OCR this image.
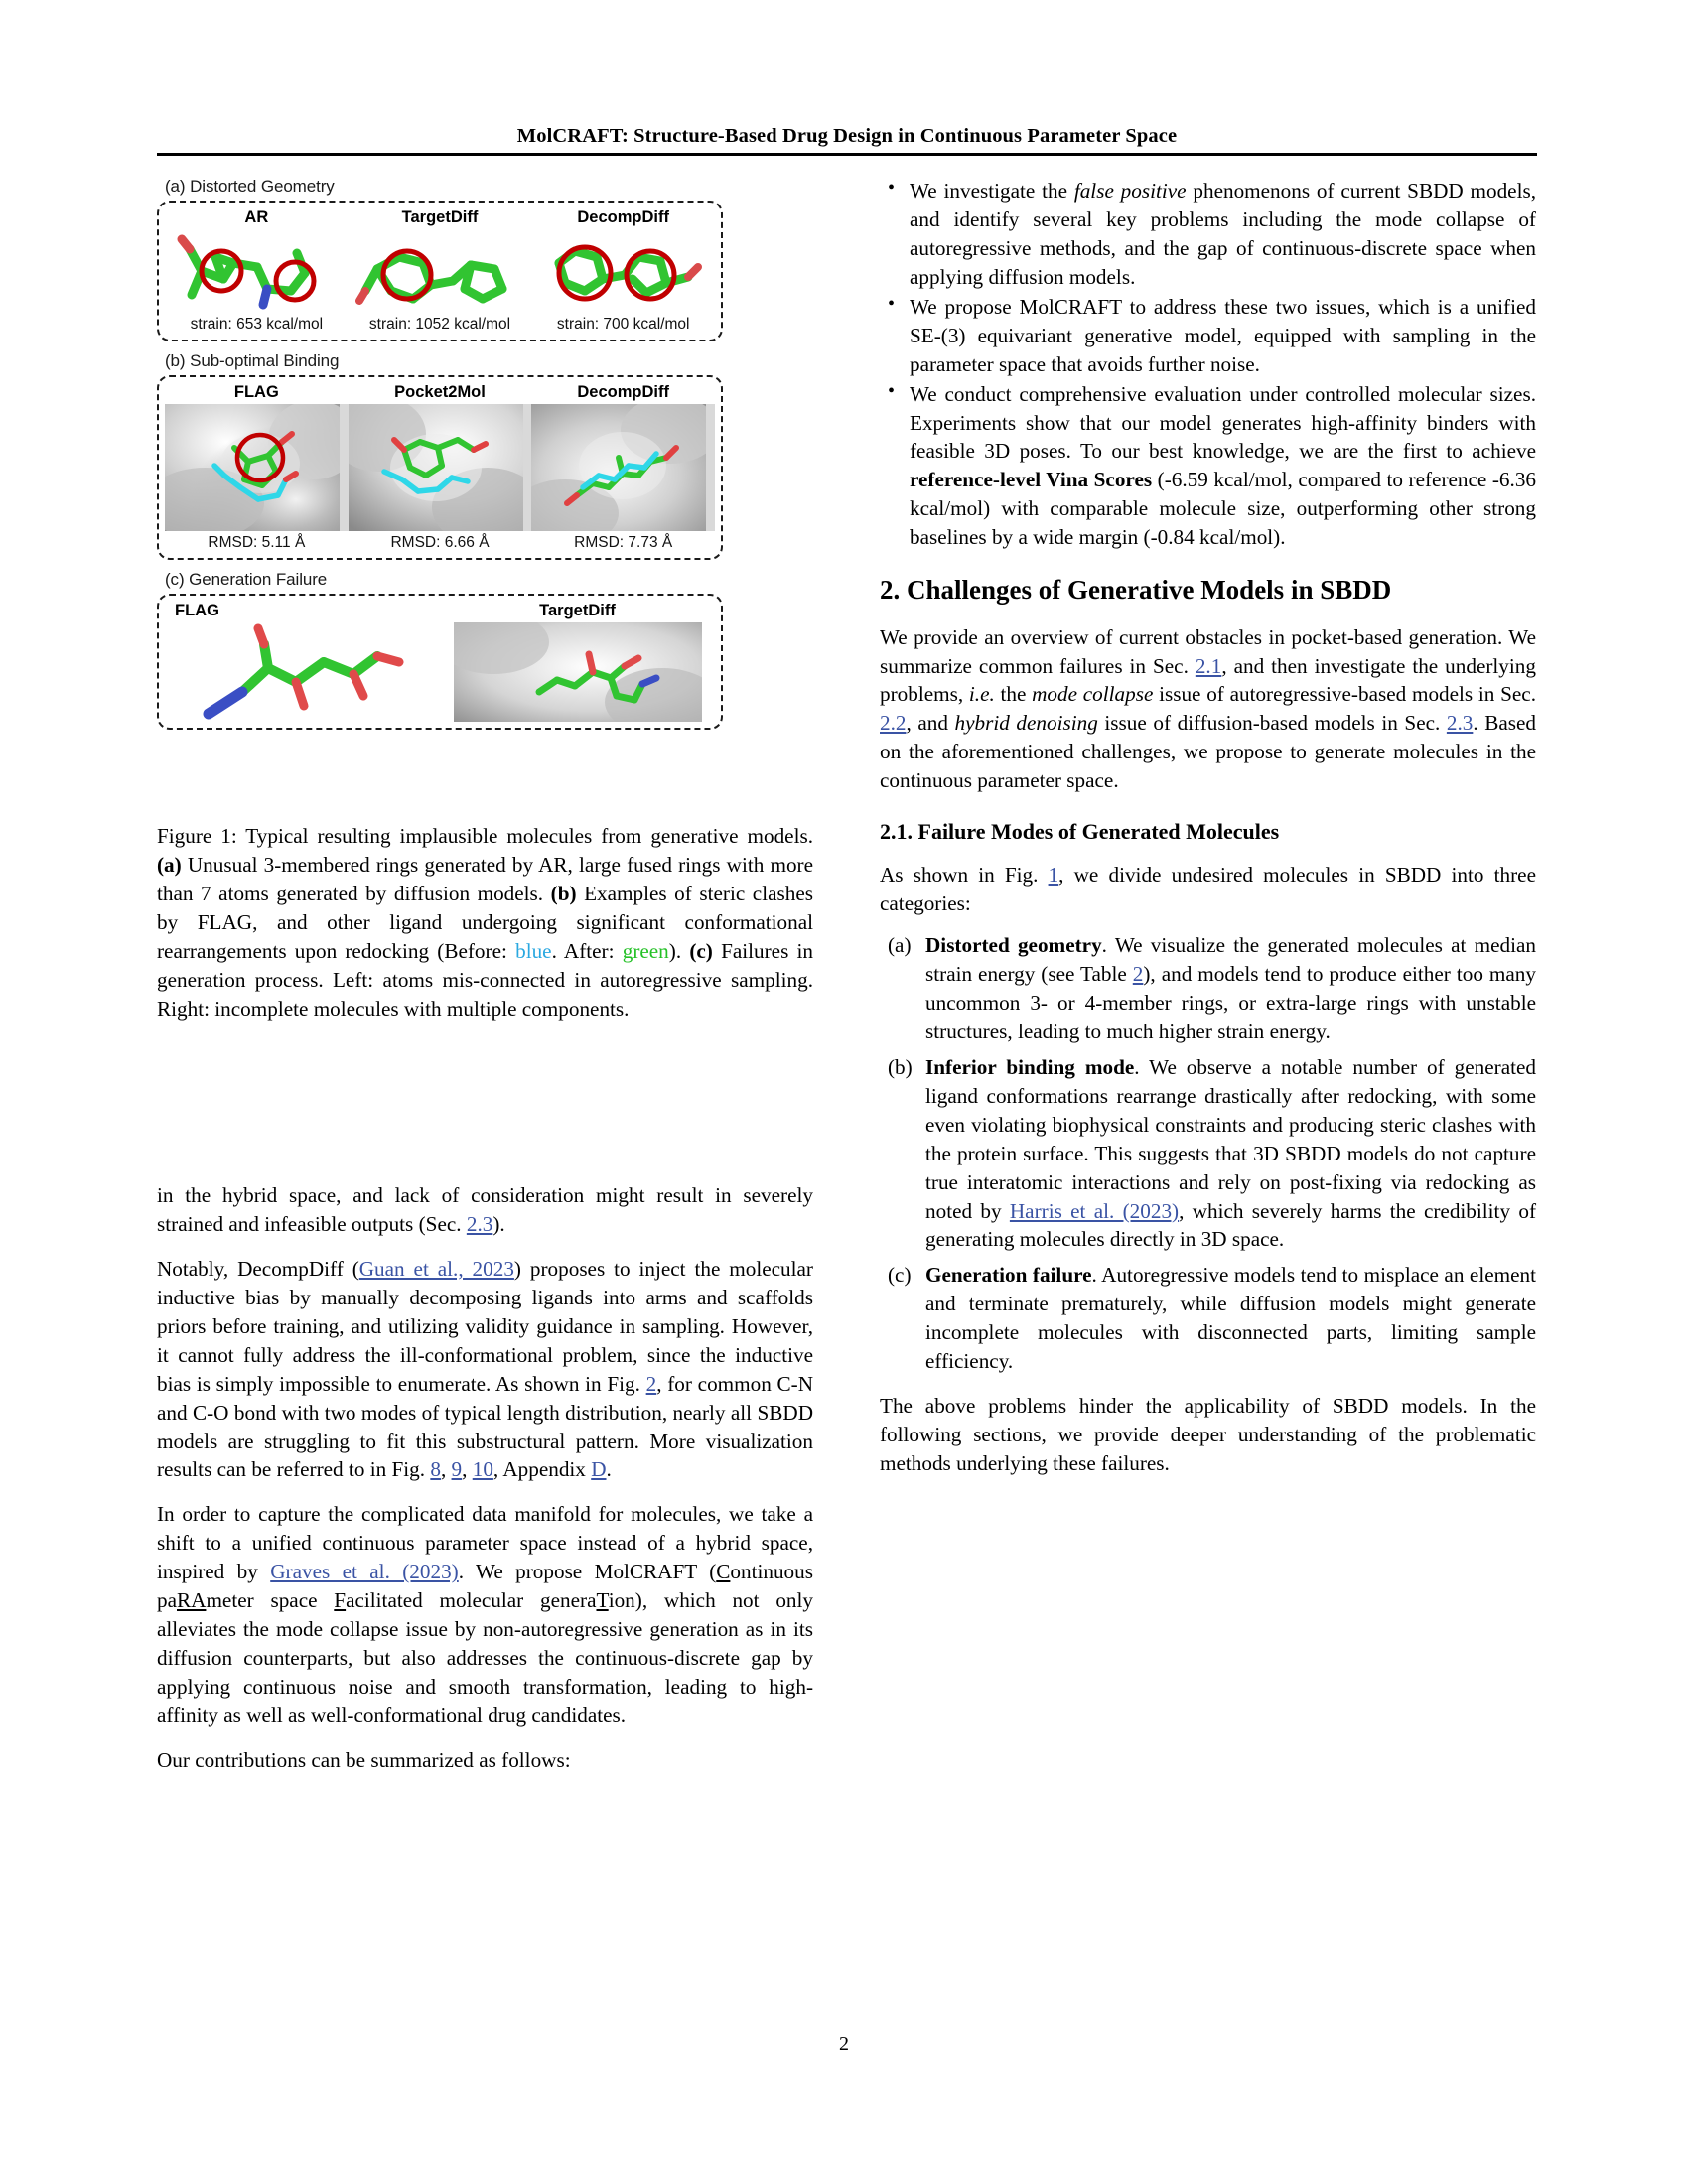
MolCRAFT: Structure-Based Drug Design in Continuous Parameter Space
(a) Distorted Geometry
AR
strain: 653 kcal/mol
TargetDiff
strain: 1052 kcal/mol
DecompDiff
strain: 700 kcal/mol
(b) Sub-optimal Binding
FLAG
RMSD: 5.11 Å
Pocket2Mol
RMSD: 6.66 Å
DecompDiff
RMSD: 7.73 Å
(c) Generation Failure
FLAG	TargetDiff

Figure 1: Typical resulting implausible molecules from generative models. (a) Unusual 3-membered rings generated by AR, large fused rings with more than 7 atoms generated by diffusion models. (b) Examples of steric clashes by FLAG, and other ligand undergoing significant conformational rearrangements upon redocking (Before: blue. After: green). (c) Failures in generation process. Left: atoms mis-connected in autoregressive sampling. Right: incomplete molecules with multiple components.

in the hybrid space, and lack of consideration might result in severely strained and infeasible outputs (Sec. 2.3).

Notably, DecompDiff (Guan et al., 2023) proposes to inject the molecular inductive bias by manually decomposing ligands into arms and scaffolds priors before training, and utilizing validity guidance in sampling. However, it cannot fully address the ill-conformational problem, since the inductive bias is simply impossible to enumerate. As shown in Fig. 2, for common C-N and C-O bond with two modes of typical length distribution, nearly all SBDD models are struggling to fit this substructural pattern. More visualization results can be referred to in Fig. 8, 9, 10, Appendix D.

In order to capture the complicated data manifold for molecules, we take a shift to a unified continuous parameter space instead of a hybrid space, inspired by Graves et al. (2023). We propose MolCRAFT (Continuous paRAmeter space Facilitated molecular generaTion), which not only alleviates the mode collapse issue by non-autoregressive generation as in its diffusion counterparts, but also addresses the continuous-discrete gap by applying continuous noise and smooth transformation, leading to high-affinity as well as well-conformational drug candidates.

Our contributions can be summarized as follows:

• We investigate the false positive phenomenons of current SBDD models, and identify several key problems including the mode collapse of autoregressive methods, and the gap of continuous-discrete space when applying diffusion models.
• We propose MolCRAFT to address these two issues, which is a unified SE-(3) equivariant generative model, equipped with sampling in the parameter space that avoids further noise.
• We conduct comprehensive evaluation under controlled molecular sizes. Experiments show that our model generates high-affinity binders with feasible 3D poses. To our best knowledge, we are the first to achieve reference-level Vina Scores (-6.59 kcal/mol, compared to reference -6.36 kcal/mol) with comparable molecule size, outperforming other strong baselines by a wide margin (-0.84 kcal/mol).
2. Challenges of Generative Models in SBDD

We provide an overview of current obstacles in pocket-based generation. We summarize common failures in Sec. 2.1, and then investigate the underlying problems, i.e. the mode collapse issue of autoregressive-based models in Sec. 2.2, and hybrid denoising issue of diffusion-based models in Sec. 2.3. Based on the aforementioned challenges, we propose to generate molecules in the continuous parameter space.

2.1. Failure Modes of Generated Molecules

As shown in Fig. 1, we divide undesired molecules in SBDD into three categories:

(a) Distorted geometry. We visualize the generated molecules at median strain energy (see Table 2), and models tend to produce either too many uncommon 3- or 4-member rings, or extra-large rings with unstable structures, leading to much higher strain energy.
(b) Inferior binding mode. We observe a notable number of generated ligand conformations rearrange drastically after redocking, with some even violating biophysical constraints and producing steric clashes with the protein surface. This suggests that 3D SBDD models do not capture true interatomic interactions and rely on post-fixing via redocking as noted by Harris et al. (2023), which severely harms the credibility of generating molecules directly in 3D space.
(c) Generation failure. Autoregressive models tend to misplace an element and terminate prematurely, while diffusion models might generate incomplete molecules with disconnected parts, limiting sample efficiency.

The above problems hinder the applicability of SBDD models. In the following sections, we provide deeper understanding of the problematic methods underlying these failures.

2
